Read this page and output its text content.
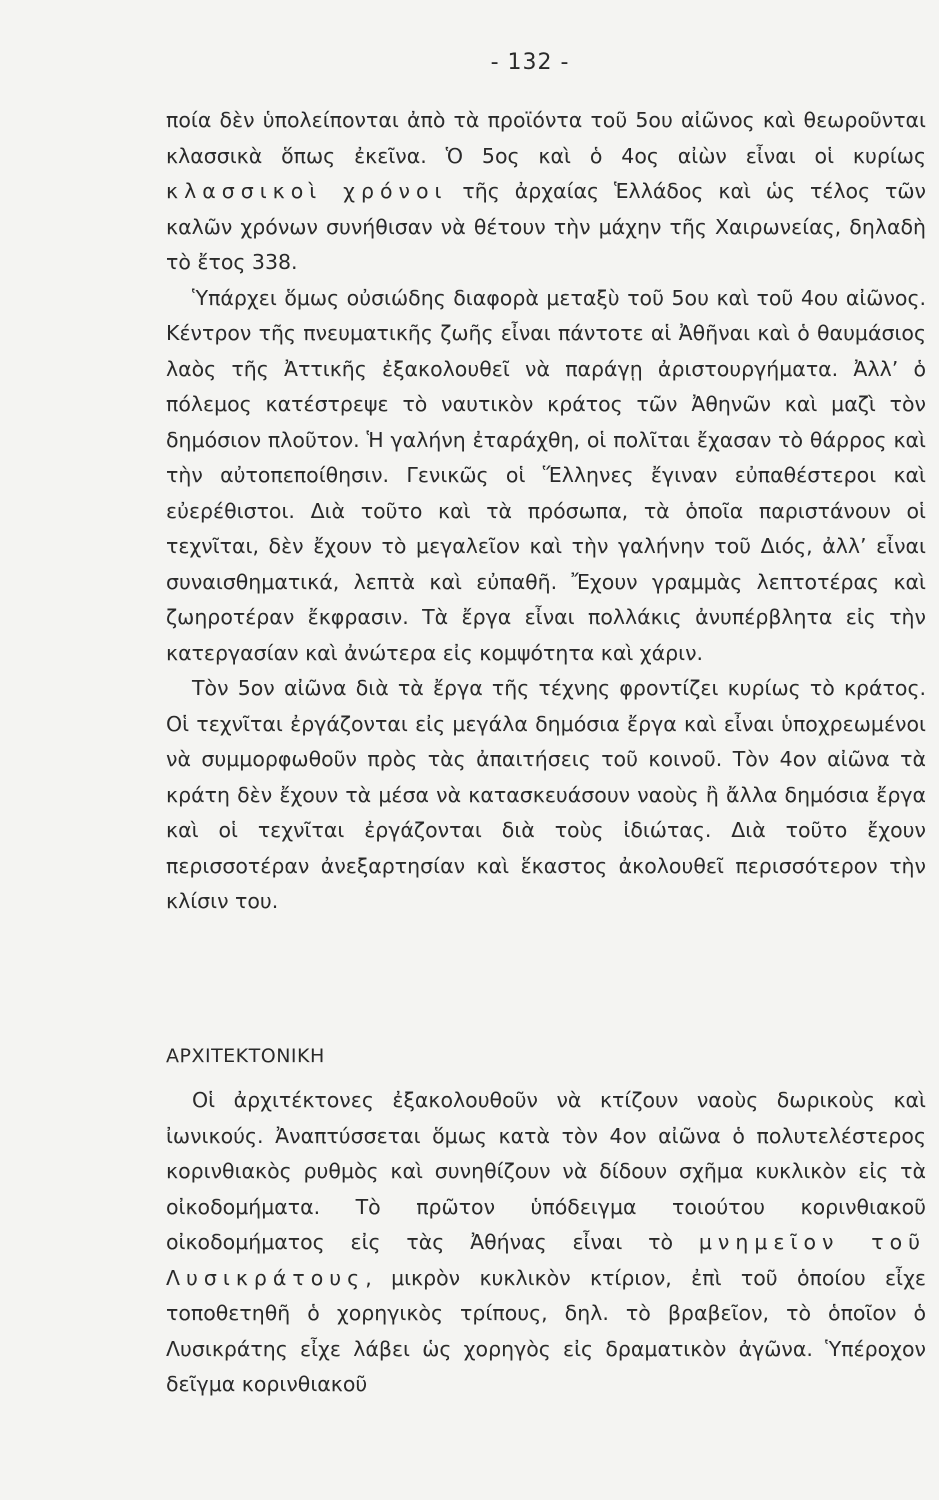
- 132 -

ποία δὲν ὑπολείπονται ἀπὸ τὰ προϊόντα τοῦ 5ου αἰῶνος καὶ θεωροῦνται κλασσικὰ ὅπως ἐκεῖνα. Ὁ 5ος καὶ ὁ 4ος αἰὼν εἶναι οἱ κυρίως κλασσικοὶ χρόνοι τῆς ἀρχαίας Ἑλλάδος καὶ ὡς τέλος τῶν καλῶν χρόνων συνήθισαν νὰ θέτουν τὴν μάχην τῆς Χαιρωνείας, δηλαδὴ τὸ ἔτος 338.

Ὑπάρχει ὅμως οὐσιώδης διαφορὰ μεταξὺ τοῦ 5ου καὶ τοῦ 4ου αἰῶνος. Κέντρον τῆς πνευματικῆς ζωῆς εἶναι πάντοτε αἱ Ἀθῆναι καὶ ὁ θαυμάσιος λαὸς τῆς Ἀττικῆς ἐξακολουθεῖ νὰ παράγῃ ἀριστουργήματα. Ἀλλ’ ὁ πόλεμος κατέστρεψε τὸ ναυτικὸν κράτος τῶν Ἀθηνῶν καὶ μαζὶ τὸν δημόσιον πλοῦτον. Ἡ γαλήνη ἐταράχθη, οἱ πολῖται ἔχασαν τὸ θάρρος καὶ τὴν αὐτοπεποίθησιν. Γενικῶς οἱ Ἕλληνες ἔγιναν εὐπαθέστεροι καὶ εὐερέθιστοι. Διὰ τοῦτο καὶ τὰ πρόσωπα, τὰ ὁποῖα παριστάνουν οἱ τεχνῖται, δὲν ἔχουν τὸ μεγαλεῖον καὶ τὴν γαλήνην τοῦ Διός, ἀλλ’ εἶναι συναισθηματικά, λεπτὰ καὶ εὐπαθῆ. Ἔχουν γραμμὰς λεπτοτέρας καὶ ζωηροτέραν ἔκφρασιν. Τὰ ἔργα εἶναι πολλάκις ἀνυπέρβλητα εἰς τὴν κατεργασίαν καὶ ἀνώτερα εἰς κομψότητα καὶ χάριν.

Τὸν 5ον αἰῶνα διὰ τὰ ἔργα τῆς τέχνης φροντίζει κυρίως τὸ κράτος. Οἱ τεχνῖται ἐργάζονται εἰς μεγάλα δημόσια ἔργα καὶ εἶναι ὑποχρεωμένοι νὰ συμμορφωθοῦν πρὸς τὰς ἀπαιτήσεις τοῦ κοινοῦ. Τὸν 4ον αἰῶνα τὰ κράτη δὲν ἔχουν τὰ μέσα νὰ κατασκευάσουν ναοὺς ἢ ἄλλα δημόσια ἔργα καὶ οἱ τεχνῖται ἐργάζονται διὰ τοὺς ἰδιώτας. Διὰ τοῦτο ἔχουν περισσοτέραν ἀνεξαρτησίαν καὶ ἕκαστος ἀκολουθεῖ περισσότερον τὴν κλίσιν του.

ΑΡΧΙΤΕΚΤΟΝΙΚΗ

Οἱ ἀρχιτέκτονες ἐξακολουθοῦν νὰ κτίζουν ναοὺς δωρικοὺς καὶ ἰωνικούς. Ἀναπτύσσεται ὅμως κατὰ τὸν 4ον αἰῶνα ὁ πολυτελέστερος κορινθιακὸς ρυθμὸς καὶ συνηθίζουν νὰ δίδουν σχῆμα κυκλικὸν εἰς τὰ οἰκοδομήματα. Τὸ πρῶτον ὑπόδειγμα τοιούτου κορινθιακοῦ οἰκοδομήματος εἰς τὰς Ἀθήνας εἶναι τὸ μνημεῖον τοῦ Λυσικράτους, μικρὸν κυκλικὸν κτίριον, ἐπὶ τοῦ ὁποίου εἶχε τοποθετηθῆ ὁ χορηγικὸς τρίπους, δηλ. τὸ βραβεῖον, τὸ ὁποῖον ὁ Λυσικράτης εἶχε λάβει ὡς χορηγὸς εἰς δραματικὸν ἀγῶνα. Ὑπέροχον δεῖγμα κορινθιακοῦ
